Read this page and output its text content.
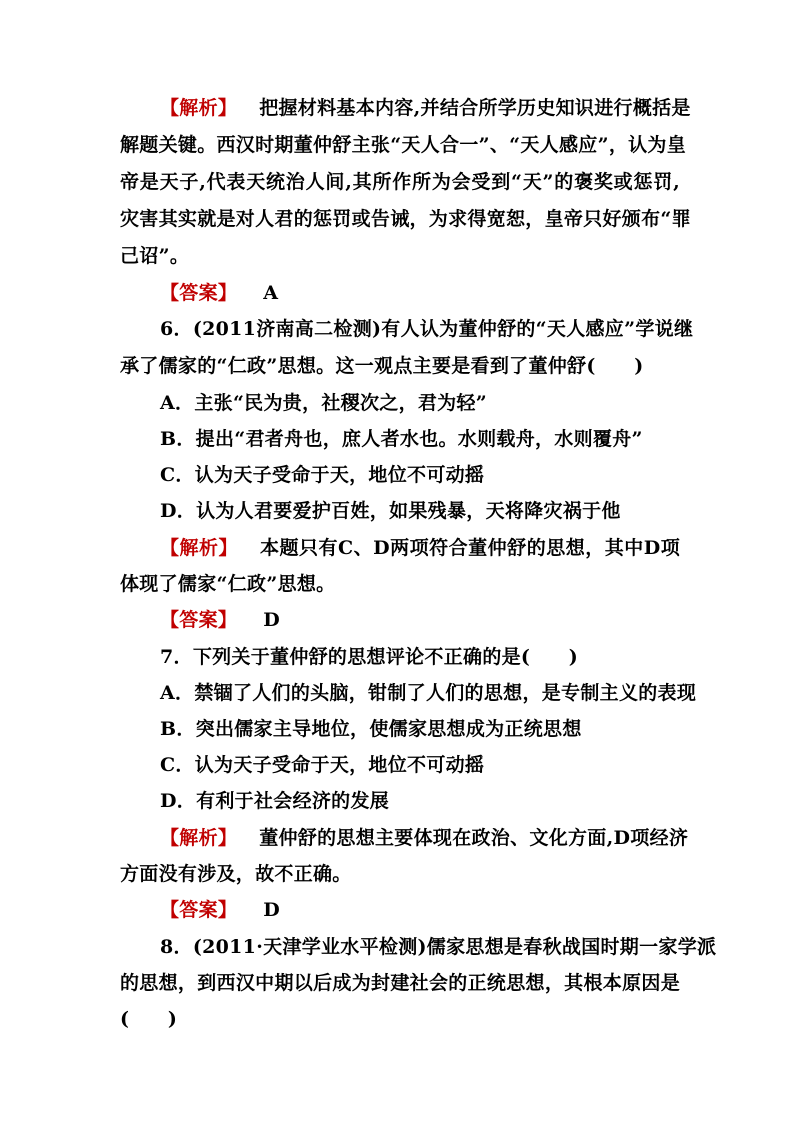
【解析】 把握材料基本内容,并结合所学历史知识进行概括是
解题关键。西汉时期董仲舒主张“天人合一”、“天人感应”，认为皇
帝是天子,代表天统治人间,其所作所为会受到“天”的褒奖或惩罚,
灾害其实就是对人君的惩罚或告诫，为求得宽恕，皇帝只好颁布“罪
己诏”。
【答案】 A
6．(2011济南高二检测)有人认为董仲舒的“天人感应”学说继
承了儒家的“仁政”思想。这一观点主要是看到了董仲舒(　　)
A．主张“民为贵，社稷次之，君为轻”
B．提出“君者舟也，庶人者水也。水则载舟，水则覆舟”
C．认为天子受命于天，地位不可动摇
D．认为人君要爱护百姓，如果残暴，天将降灾祸于他
【解析】 本题只有C、D两项符合董仲舒的思想，其中D项
体现了儒家“仁政”思想。
【答案】 D
7．下列关于董仲舒的思想评论不正确的是(　　)
A．禁锢了人们的头脑，钳制了人们的思想，是专制主义的表现
B．突出儒家主导地位，使儒家思想成为正统思想
C．认为天子受命于天，地位不可动摇
D．有利于社会经济的发展
【解析】 董仲舒的思想主要体现在政治、文化方面,D项经济
方面没有涉及，故不正确。
【答案】 D
8．(2011·天津学业水平检测)儒家思想是春秋战国时期一家学派
的思想，到西汉中期以后成为封建社会的正统思想，其根本原因是
(　　)
